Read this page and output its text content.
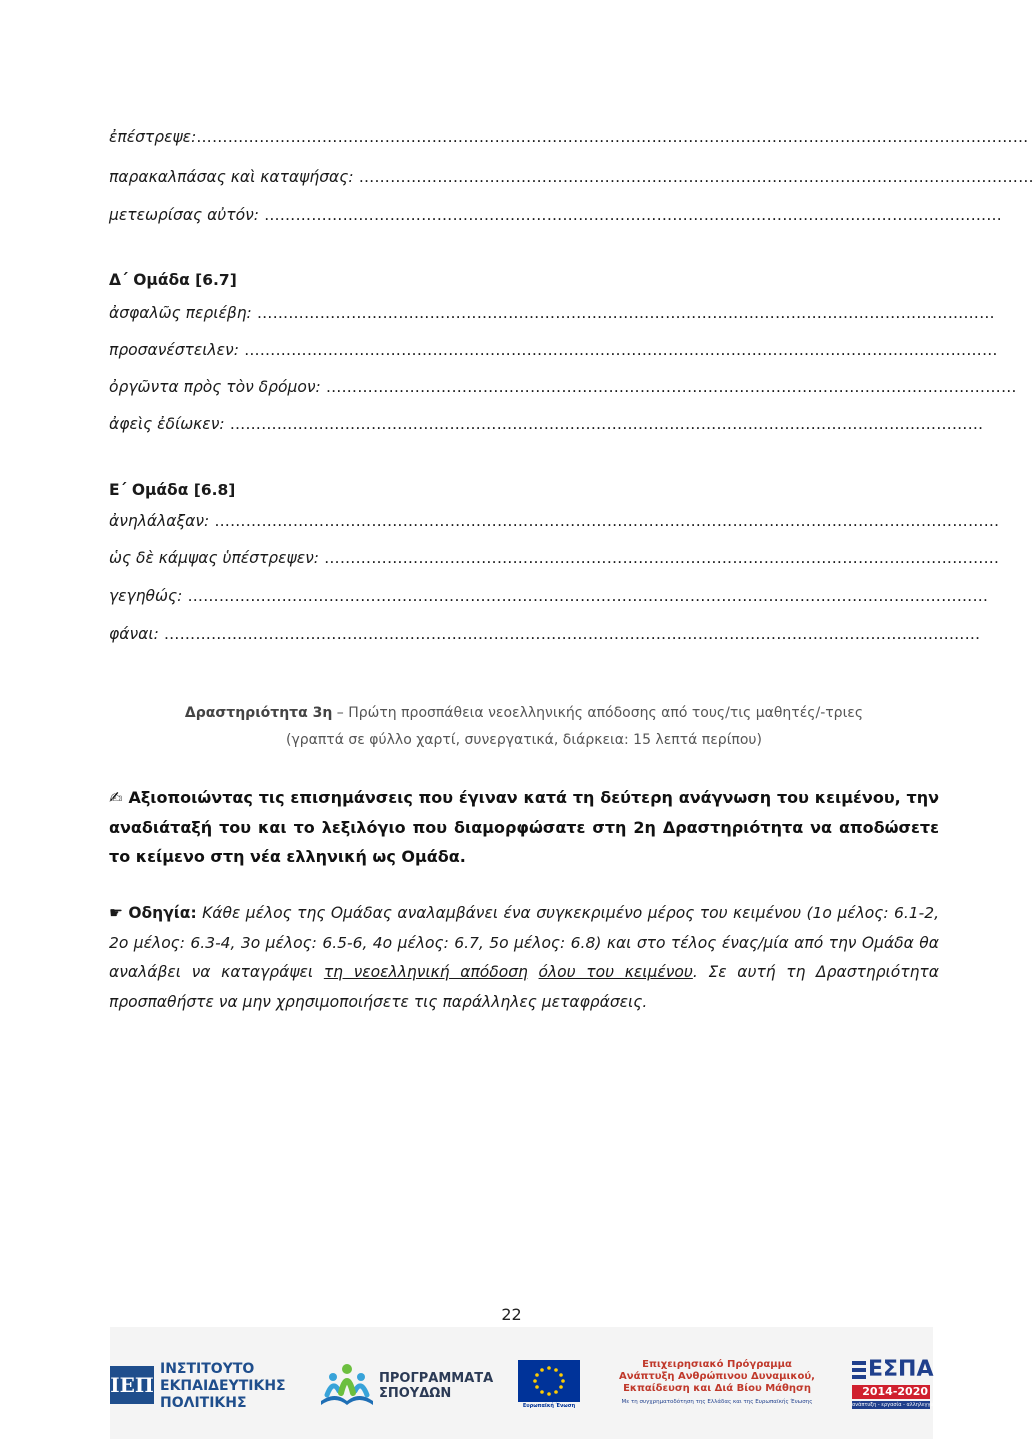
ἐπέστρεψε:……………………………………………………………………………………………………………………………………………
παρακαλπάσας καὶ καταψήσας: …………………………………………………………………………………………………………………
μετεωρίσας αὐτόν: ……………………………………………………………………………………………………………………………
Δ΄ Ομάδα [6.7]
ἀσφαλῶς περιέβη: ……………………………………………………………………………………………………………………………
προσανέστειλεν: ………………………………………………………………………………………………………………………………
ὀργῶντα πρὸς τὸν δρόμον: ……………………………………………………………………………………………………………………
ἀφεὶς ἐδίωκεν: ………………………………………………………………………………………………………………………………
Ε΄ Ομάδα [6.8]
ἀνηλάλαξαν: ……………………………………………………………………………………………………………………………………
ὡς δὲ κάμψας ὑπέστρεψεν: …………………………………………………………………………………………………………………
γεγηθώς: ………………………………………………………………………………………………………………………………………
φάναι: …………………………………………………………………………………………………………………………………………
Δραστηριότητα 3η – Πρώτη προσπάθεια νεοελληνικής απόδοσης από τους/τις μαθητές/-τριες
(γραπτά σε φύλλο χαρτί, συνεργατικά, διάρκεια: 15 λεπτά περίπου)
✍ Αξιοποιώντας τις επισημάνσεις που έγιναν κατά τη δεύτερη ανάγνωση του κειμένου, την αναδιάταξή του και το λεξιλόγιο που διαμορφώσατε στη 2η Δραστηριότητα να αποδώσετε το κείμενο στη νέα ελληνική ως Ομάδα.
☛ Οδηγία: Κάθε μέλος της Ομάδας αναλαμβάνει ένα συγκεκριμένο μέρος του κειμένου (1ο μέλος: 6.1-2, 2ο μέλος: 6.3-4, 3ο μέλος: 6.5-6, 4ο μέλος: 6.7, 5ο μέλος: 6.8) και στο τέλος ένας/μία από την Ομάδα θα αναλάβει να καταγράψει τη νεοελληνική απόδοση όλου του κειμένου. Σε αυτή τη Δραστηριότητα προσπαθήστε να μην χρησιμοποιήσετε τις παράλληλες μεταφράσεις.
22
ΙΕΠ
ΙΝΣΤΙΤΟΥΤΟ
ΕΚΠΑΙΔΕΥΤΙΚΗΣ
ΠΟΛΙΤΙΚΗΣ
ΠΡΟΓΡΑΜΜΑΤΑ
ΣΠΟΥΔΩΝ
Ευρωπαϊκή Ένωση
Επιχειρησιακό Πρόγραμμα
Ανάπτυξη Ανθρώπινου Δυναμικού,
Εκπαίδευση και Διά Βίου Μάθηση
Με τη συγχρηματοδότηση της Ελλάδας και της Ευρωπαϊκής Ένωσης
ΕΣΠΑ
2014-2020
ανάπτυξη - εργασία - αλληλεγγύη
